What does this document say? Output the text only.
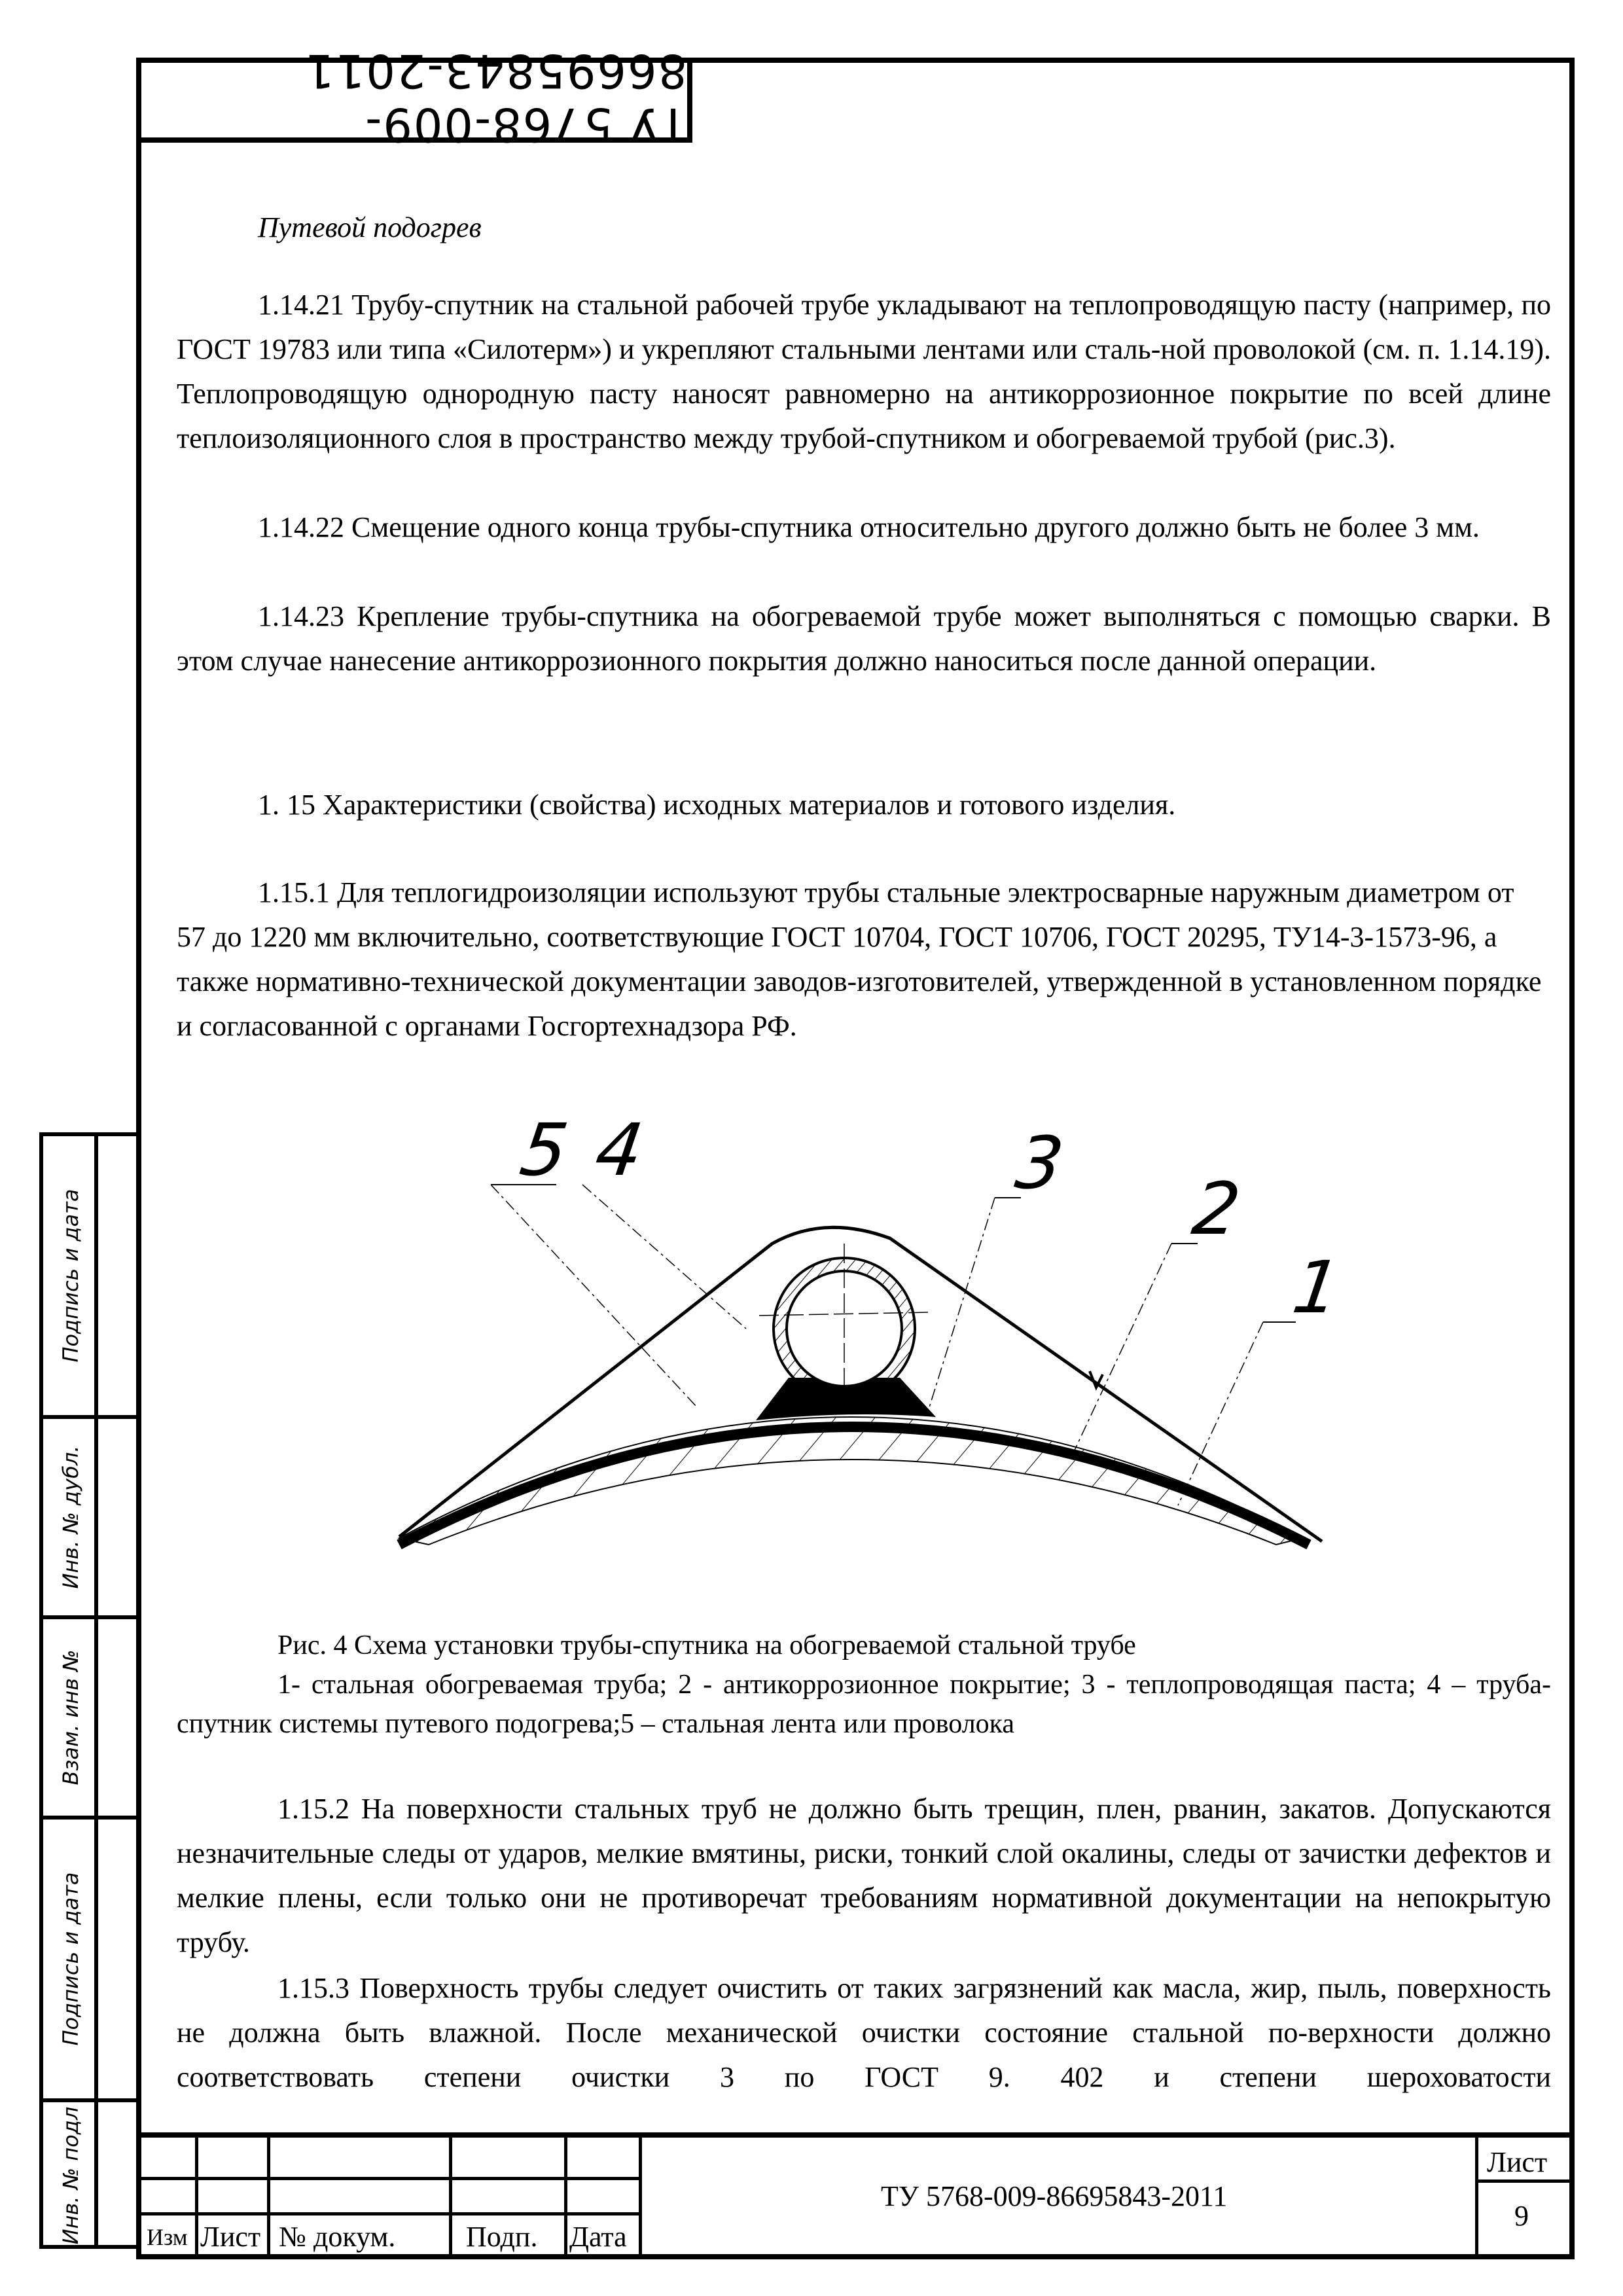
ТУ 5768-009-86695843-2011
Подпись и дата
Инв. № дубл.
Взам. инв №
Подпись и дата
Инв. № подл
Путевой подогрев
1.14.21 Трубу-спутник на стальной рабочей трубе укладывают на теплопроводящую пасту (например, по ГОСТ 19783 или типа «Силотерм») и укрепляют стальными лентами или сталь-ной проволокой (см. п. 1.14.19). Теплопроводящую однородную пасту наносят равномерно на антикоррозионное покрытие по всей длине теплоизоляционного слоя в пространство между трубой-спутником и обогреваемой трубой (рис.3).
1.14.22 Смещение одного конца трубы-спутника относительно другого должно быть не более 3 мм.
1.14.23 Крепление трубы-спутника на обогреваемой трубе может выполняться с помощью сварки. В этом случае нанесение антикоррозионного покрытия должно наноситься после данной операции.
1. 15 Характеристики (свойства) исходных материалов и готового изделия.
1.15.1 Для теплогидроизоляции используют трубы стальные электросварные наружным диаметром от 57 до 1220 мм включительно, соответствующие ГОСТ 10704, ГОСТ 10706, ГОСТ 20295, ТУ14-3-1573-96, а также нормативно-технической документации заводов-изготовителей, утвержденной в установленном порядке и согласованной с органами Госгортехнадзора РФ.
5 4	3
2
1
Рис. 4 Схема установки трубы-спутника на обогреваемой стальной трубе
1- стальная обогреваемая труба; 2 - антикоррозионное покрытие; 3 - теплопроводящая паста; 4 – труба-спутник системы путевого подогрева;5 – стальная лента или проволока
1.15.2 На поверхности стальных труб не должно быть трещин, плен, рванин, закатов. Допускаются незначительные следы от ударов, мелкие вмятины, риски, тонкий слой окалины, следы от зачистки дефектов и мелкие плены, если только они не противоречат требованиям нормативной документации на непокрытую трубу.
1.15.3 Поверхность трубы следует очистить от таких загрязнений как масла, жир, пыль, поверхность не должна быть влажной. После механической очистки состояние стальной по-верхности должно соответствовать степени очистки 3 по ГОСТ 9. 402 и степени шероховатости
Изм Лист № докум. Подп. Дата
ТУ 5768-009-86695843-2011
Лист
9
